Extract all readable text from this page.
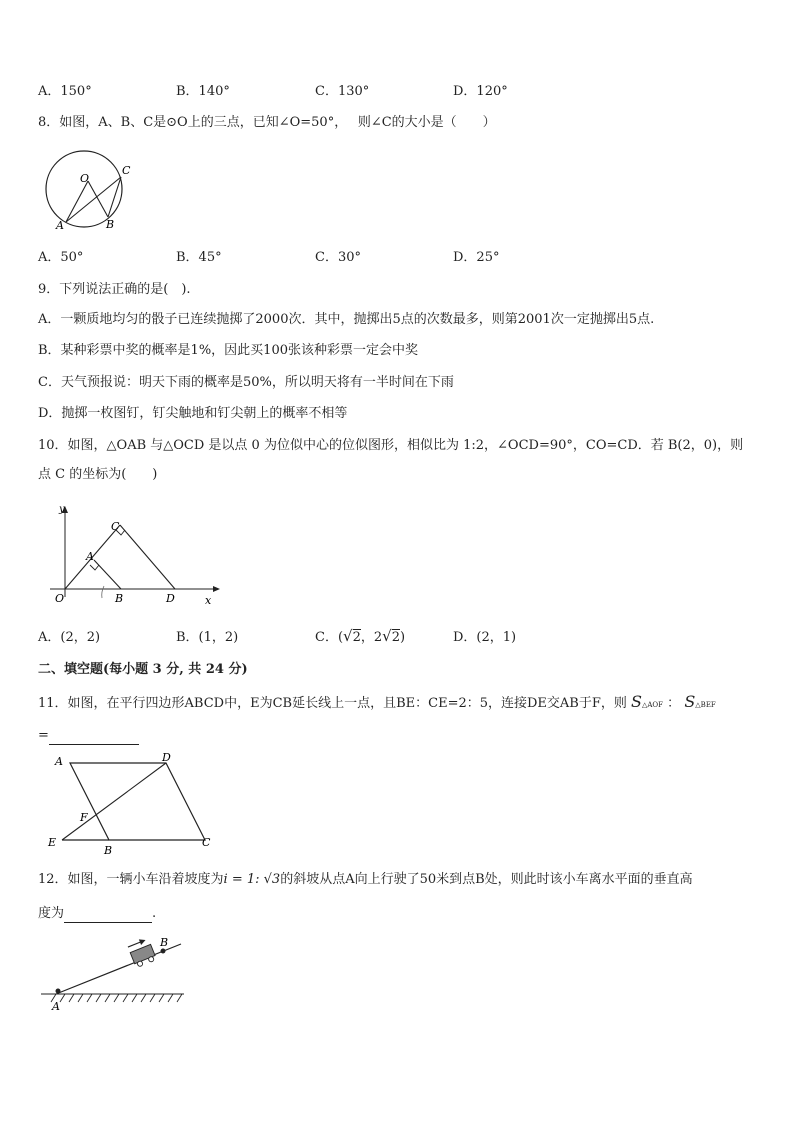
A．150°	B．140°	C．130°	D．120°
8．如图，A、B、C是⊙O上的三点，已知∠O=50°，　 则∠C的大小是（　　）
O
A	B
C
A．50°	B．45°	C．30°	D．25°
9．下列说法正确的是(　).
A．一颗质地均匀的骰子已连续抛掷了2000次．其中，抛掷出5点的次数最多，则第2001次一定抛掷出5点.
B．某种彩票中奖的概率是1%，因此买100张该种彩票一定会中奖
C．天气预报说：明天下雨的概率是50%，所以明天将有一半时间在下雨
D．抛掷一枚图钉，钉尖触地和钉尖朝上的概率不相等
10．如图，△OAB 与△OCD 是以点 0 为位似中心的位似图形，相似比为 1:2，∠OCD=90°，CO=CD．若 B(2，0)，则
点 C 的坐标为(　　)
y
x
O
A
B
C
D
A．(2，2)	B．(1，2)	C．(√2，2√2)	D．(2，1)
二、填空题(每小题 3 分, 共 24 分)
11．如图，在平行四边形ABCD中，E为CB延长线上一点，且BE：CE=2：5，连接DE交AB于F，则 S△AOF ： S△BEF
=
A	D
F
E
B
C
12．如图，一辆小车沿着坡度为i = 1: √3的斜坡从点A向上行驶了50米到点B处，则此时该小车离水平面的垂直高
度为	.
A
B
